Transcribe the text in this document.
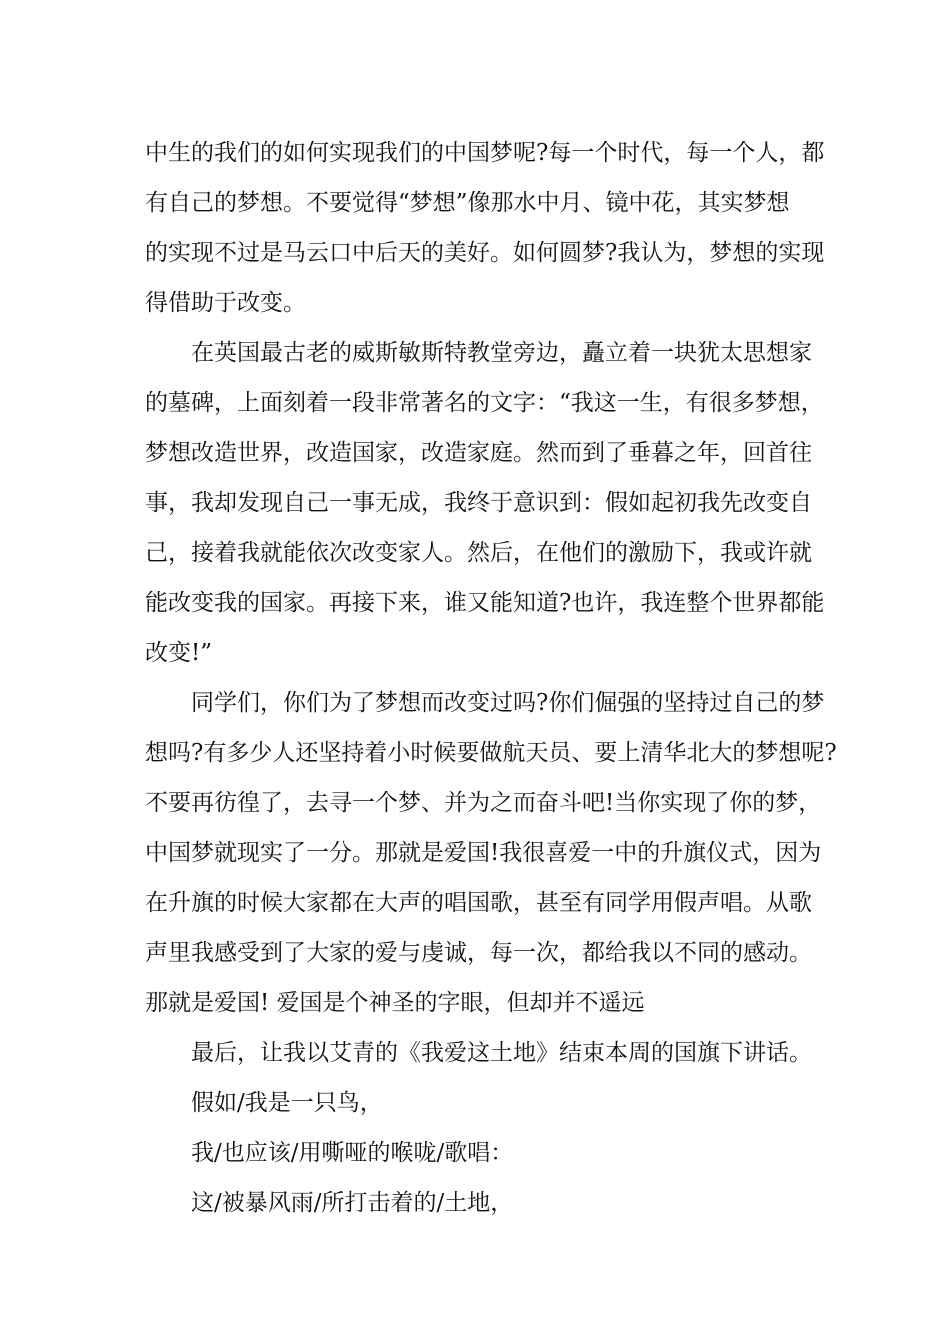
中生的我们的如何实现我们的中国梦呢?每一个时代，每一个人，都
有自己的梦想。不要觉得“梦想”像那水中月、镜中花，其实梦想
的实现不过是马云口中后天的美好。如何圆梦?我认为，梦想的实现
得借助于改变。
在英国最古老的威斯敏斯特教堂旁边，矗立着一块犹太思想家
的墓碑，上面刻着一段非常著名的文字：“我这一生，有很多梦想，
梦想改造世界，改造国家，改造家庭。然而到了垂暮之年，回首往
事，我却发现自己一事无成，我终于意识到：假如起初我先改变自
己，接着我就能依次改变家人。然后，在他们的激励下，我或许就
能改变我的国家。再接下来，谁又能知道?也许，我连整个世界都能
改变!”
同学们，你们为了梦想而改变过吗?你们倔强的坚持过自己的梦
想吗?有多少人还坚持着小时候要做航天员、要上清华北大的梦想呢?
不要再彷徨了，去寻一个梦、并为之而奋斗吧!当你实现了你的梦，
中国梦就现实了一分。那就是爱国!我很喜爱一中的升旗仪式，因为
在升旗的时候大家都在大声的唱国歌，甚至有同学用假声唱。从歌
声里我感受到了大家的爱与虔诚，每一次，都给我以不同的感动。
那就是爱国! 爱国是个神圣的字眼，但却并不遥远
最后，让我以艾青的《我爱这土地》结束本周的国旗下讲话。
假如/我是一只鸟，
我/也应该/用嘶哑的喉咙/歌唱：
这/被暴风雨/所打击着的/土地，
